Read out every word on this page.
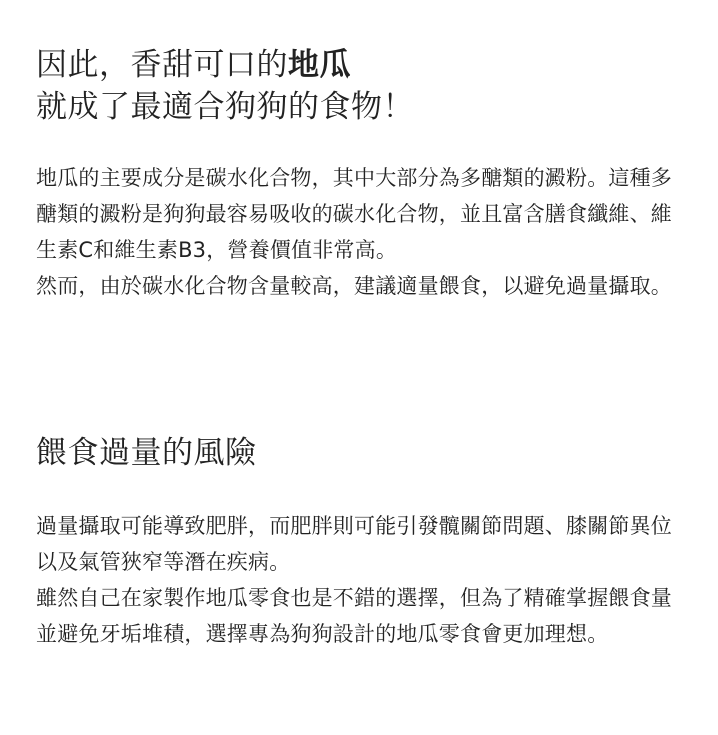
因此，香甜可口的地瓜
就成了最適合狗狗的食物！

地瓜的主要成分是碳水化合物，其中大部分為多醣類的澱粉。這種多醣類的澱粉是狗狗最容易吸收的碳水化合物，並且富含膳食纖維、維生素C和維生素B3，營養價值非常高。

然而，由於碳水化合物含量較高，建議適量餵食，以避免過量攝取。

餵食過量的風險

過量攝取可能導致肥胖，而肥胖則可能引發髖關節問題、膝關節異位以及氣管狹窄等潛在疾病。

雖然自己在家製作地瓜零食也是不錯的選擇，但為了精確掌握餵食量並避免牙垢堆積，選擇專為狗狗設計的地瓜零食會更加理想。
